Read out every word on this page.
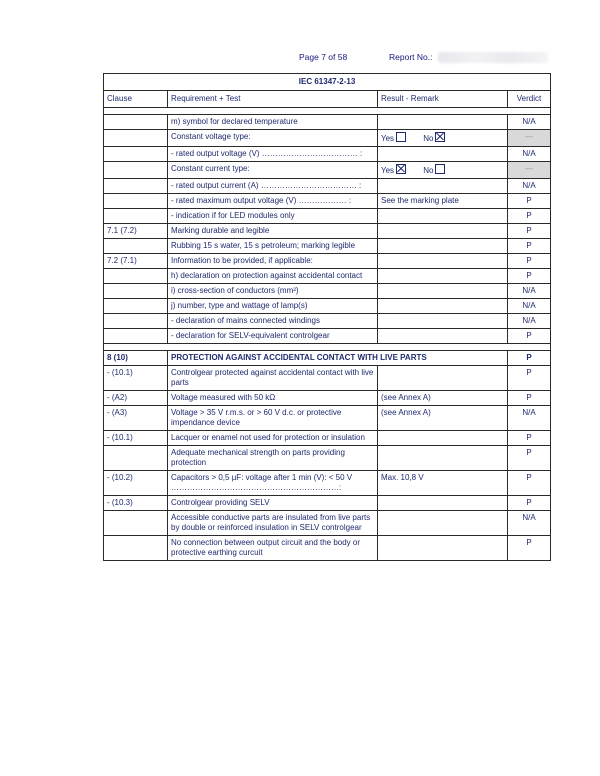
Page 7 of 58	Report No.:
IEC 61347-2-13			
Clause	Requirement + Test	Result - Remark	Verdict

	m) symbol for declared temperature		N/A
	Constant voltage type:	Yes No	—
	- rated output voltage (V) ……………………………… :		N/A
	Constant current type:	Yes No	—
	- rated output current (A) ……………………………… :		N/A
	- rated maximum output voltage (V) ……………… :	See the marking plate	P
	- indication if for LED modules only		P
7.1 (7.2)	Marking durable and legible		P
	Rubbing 15 s water, 15 s petroleum; marking legible		P
7.2 (7.1)	Information to be provided, if applicable:		P
	h) declaration on protection against accidental contact		P
	i) cross-section of conductors (mm²)		N/A
	j) number, type and wattage of lamp(s)		N/A
	- declaration of mains connected windings		N/A
	- declaration for SELV-equivalent controlgear		P

8 (10)	PROTECTION AGAINST ACCIDENTAL CONTACT WITH LIVE PARTS		P
- (10.1)	Controlgear protected against accidental contact with live parts		P
- (A2)	Voltage measured with 50 kΩ	(see Annex A)	P
- (A3)	Voltage > 35 V r.m.s. or > 60 V d.c. or protective impendance device	(see Annex A)	N/A
- (10.1)	Lacquer or enamel not used for protection or insulation		P
	Adequate mechanical strength on parts providing protection		P
- (10.2)	Capacitors > 0,5 µF: voltage after 1 min (V): < 50 V ………………………………………………………:	Max. 10,8 V	P
- (10.3)	Controlgear providing SELV		P
	Accessible conductive parts are insulated from live parts by double or reinforced insulation in SELV controlgear		N/A
	No connection between output circuit and the body or protective earthing curcuit		P
